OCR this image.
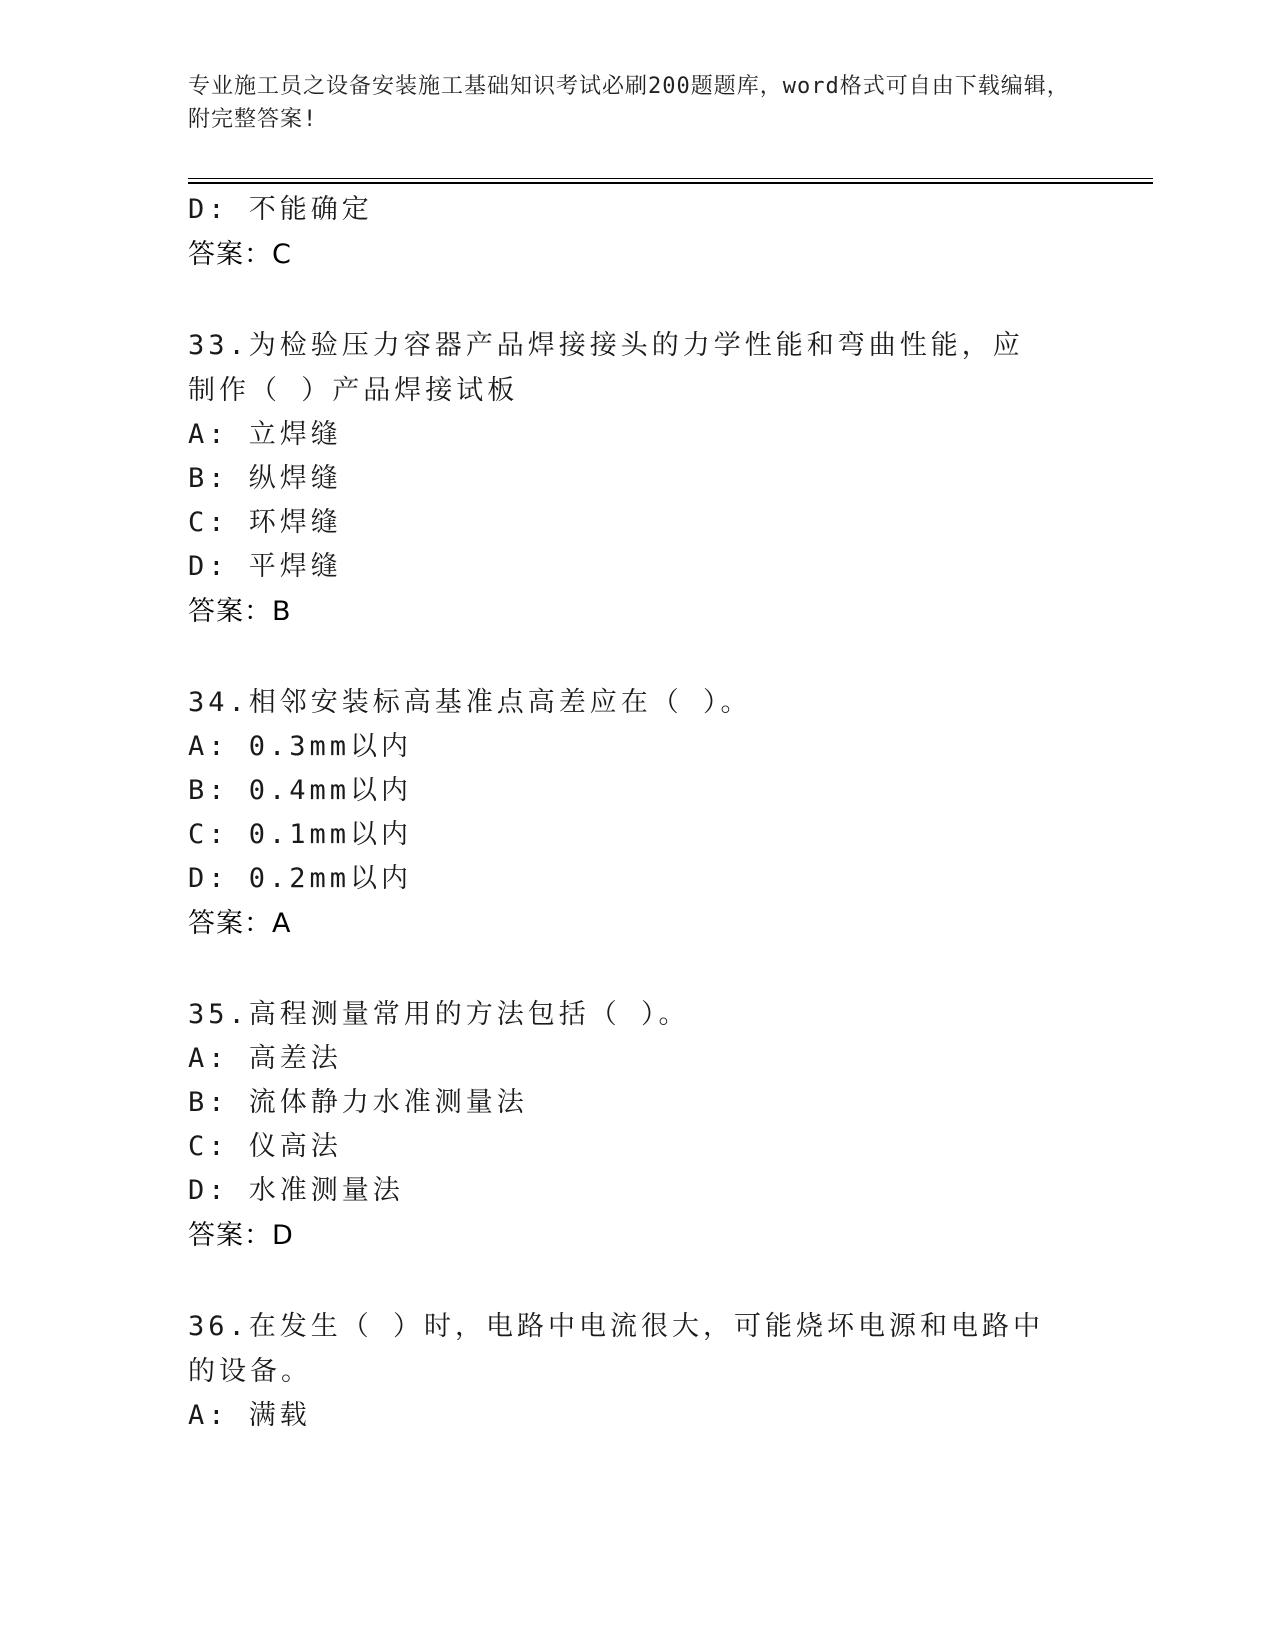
专业施工员之设备安装施工基础知识考试必刷200题题库，word格式可自由下载编辑，附完整答案!
D: 不能确定
答案：C
33.为检验压力容器产品焊接接头的力学性能和弯曲性能，应制作（ ）产品焊接试板
A: 立焊缝
B: 纵焊缝
C: 环焊缝
D: 平焊缝
答案：B
34.相邻安装标高基准点高差应在（ ）。
A: 0.3mm以内
B: 0.4mm以内
C: 0.1mm以内
D: 0.2mm以内
答案：A
35.高程测量常用的方法包括（ ）。
A: 高差法
B: 流体静力水准测量法
C: 仪高法
D: 水准测量法
答案：D
36.在发生（ ）时，电路中电流很大，可能烧坏电源和电路中的设备。
A: 满载
